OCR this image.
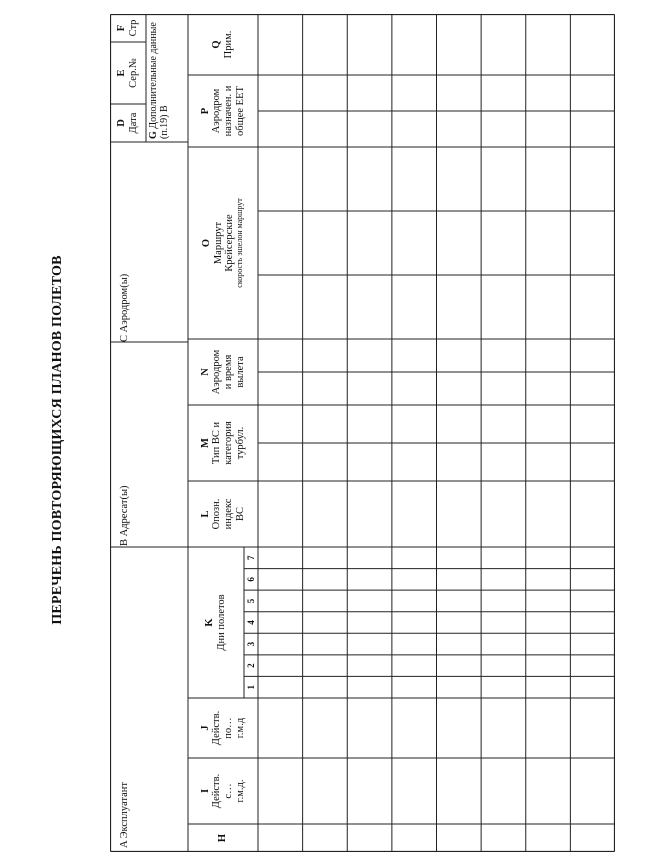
ПЕРЕЧЕНЬ ПОВТОРЯЮЩИХСЯ ПЛАНОВ ПОЛЕТОВ
A Эксплуатант
B Адресат(ы)
C Аэродром(ы)
D Дата
E Сер.№
F Стр
G Дополнительные данные (п.19) В
H
I Действ. с… г.м.д.
J Действ. по… г.м.д
K Дни полетов
1
2
3
4
5
6
7
L Опозн. индекс ВС
M Тип ВС и категория турбул.
N Аэродром и время вылета
O Маршрут Крейсерские скорость эшелон маршрут
P Аэродром назначен. и общее ЕЕТ
Q Прим.
